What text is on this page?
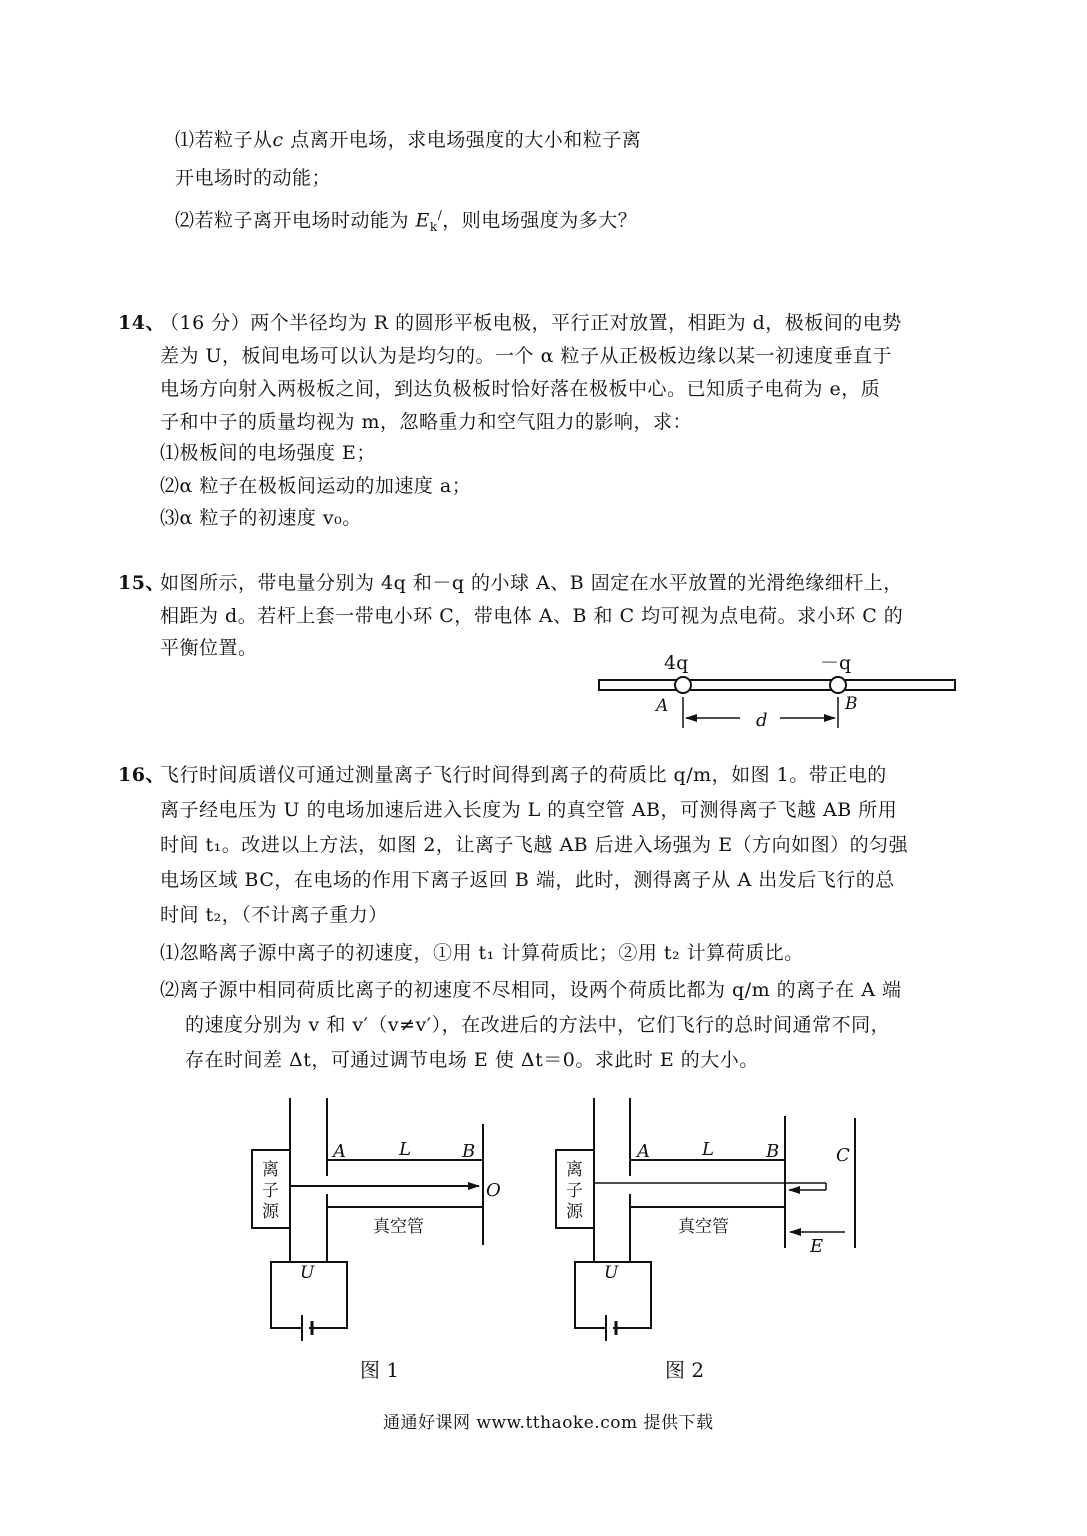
⑴若粒子从c 点离开电场，求电场强度的大小和粒子离
开电场时的动能；
⑵若粒子离开电场时动能为 $E_k^/$，则电场强度为多大？
14、
（16 分）两个半径均为 R 的圆形平板电极，平行正对放置，相距为 d，极板间的电势
差为 U，板间电场可以认为是均匀的。一个 α 粒子从正极板边缘以某一初速度垂直于
电场方向射入两极板之间，到达负极板时恰好落在极板中心。已知质子电荷为 e，质
子和中子的质量均视为 m，忽略重力和空气阻力的影响，求：
⑴极板间的电场强度 E；
⑵α 粒子在极板间运动的加速度 a；
⑶α 粒子的初速度 v₀。
15、
如图所示，带电量分别为 4q 和－q 的小球 A、B 固定在水平放置的光滑绝缘细杆上，
相距为 d。若杆上套一带电小环 C，带电体 A、B 和 C 均可视为点电荷。求小环 C 的
平衡位置。
16、
飞行时间质谱仪可通过测量离子飞行时间得到离子的荷质比 q/m，如图 1。带正电的
离子经电压为 U 的电场加速后进入长度为 L 的真空管 AB，可测得离子飞越 AB 所用
时间 t₁。改进以上方法，如图 2，让离子飞越 AB 后进入场强为 E（方向如图）的匀强
电场区域 BC，在电场的作用下离子返回 B 端，此时，测得离子从 A 出发后飞行的总
时间 t₂，（不计离子重力）
⑴忽略离子源中离子的初速度，①用 t₁ 计算荷质比；②用 t₂ 计算荷质比。
⑵离子源中相同荷质比离子的初速度不尽相同，设两个荷质比都为 q/m 的离子在 A 端
的速度分别为 v 和 v′（v≠v′），在改进后的方法中，它们飞行的总时间通常不同，
存在时间差 Δt，可通过调节电场 E 使 Δt＝0。求此时 E 的大小。
4q	－q
A	B
d
离
子
源
A	L	B
O
真空管
U
图 1
离
子
源
A	L	B	C
E
真空管
U
图 2
通通好课网 www.tthaoke.com 提供下载
